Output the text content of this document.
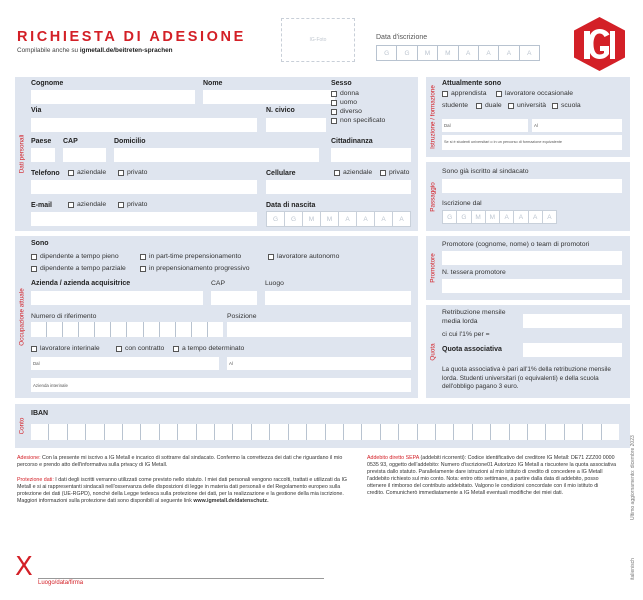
RICHIESTA DI ADESIONE
Compilabile anche su igmetall.de/beitreten-sprachen
IG-Foto	Data d'iscrizione
G	G	M	M	A	A	A	A
Dati personali
Cognome	Nome	Sesso
donna
uomo
diverso
non specificato
Via	N. civico
Paese CAP	Domicilio	Cittadinanza
Telefono	aziendale	privato	Cellulare	aziendale privato
E-mail	aziendale	privato	Data di nascita
G	G	M	M	A	A	A	A
Istruzione / formazione
Attualmente sono
apprendista	lavoratore occasionale
studente duale università scuola
Dal	Al
Se si è studenti universitari o in un percorso di formazione equivalente
Passaggio
Sono già iscritto al sindacato
Iscrizione dal
G	G	M	M	A	A	A	A
Occupazione attuale
Sono
dipendente a tempo pieno
dipendente a tempo parziale
in part-time prepensionamento
in prepensionamento progressivo
lavoratore autonomo
Azienda / azienda acquisitrice	CAP	Luogo
Numero di riferimento	Posizione
lavoratore interinale	con contratto	a tempo determinato
Dal	Al
Azienda interinale
Promotore
Promotore (cognome, nome) o team di promotori
N. tessera promotore
Quota
Retribuzione mensile media lorda
ci cui l'1% per =
Quota associativa
La quota associativa è pari all'1% della retribuzione mensile lorda. Studenti universitari (o equivalenti) e della scuola dell'obbligo pagano 3 euro.
Conto
IBAN
Adesione: Con la presente mi iscrivo a IG Metall e incarico di sottrarre dal sindacato. Confermo la correttezza dei dati che riguardano il mio percorso e prendo atto dell'informativa sulla privacy di IG Metall.
Protezione dati: I dati degli iscritti verranno utilizzati come previsto nello statuto. I miei dati personali vengono raccolti, trattati e utilizzati da IG Metall e si ai rappresentanti sindacali nell'osservanza delle disposizioni di legge in materia dati personali e del Regolamento europeo sulla protezione dei dati (UE-RGPD), nonché della Legge tedesca sulla protezione dei dati, per la realizzazione e la gestione della mia iscrizione. Maggiori informazioni sulla protezione dati sono disponibili al seguente link www.igmetall.de/datenschutz.
Addebito diretto SEPA (addebiti ricorrenti): Codice identificativo del creditore IG Metall: DE71 ZZZ00 0000 0535 93, oggetto dell'addebito: Numero d'iscrizione01 Autorizzo IG Metall a riscuotere la quota associativa prevista dallo statuto. Parallelamente dare istruzioni al mio istituto di credito di concedere a IG Metall l'addebito richiesto sul mio conto. Nota: entro otto settimane, a partire dalla data di addebito, posso ottenere il rimborso del contributo addebitato. Valgono le condizioni concordate con il mio istituto di credito. Comunicherò immediatamente a IG Metall eventuali modifiche dei miei dati.
X
Luogo/data/firma
Ultimo aggiornamento: dicembre 2023
italienisch
